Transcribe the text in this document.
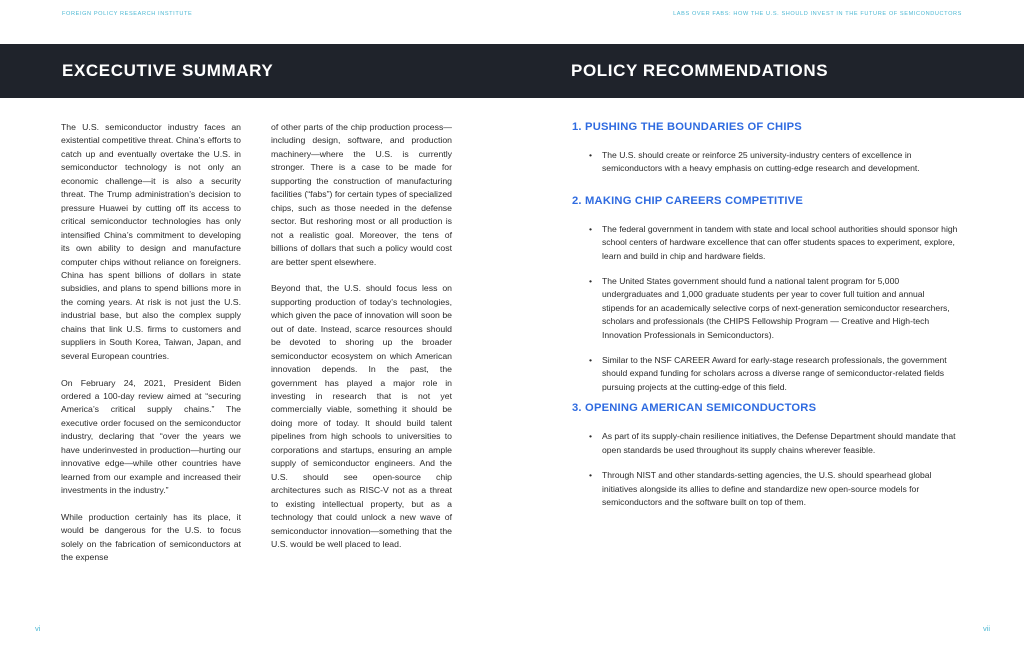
FOREIGN POLICY RESEARCH INSTITUTE	LABS OVER FABS: HOW THE U.S. SHOULD INVEST IN THE FUTURE OF SEMICONDUCTORS
EXCECUTIVE SUMMARY	POLICY RECOMMENDATIONS

The U.S. semiconductor industry faces an existential competitive threat. China’s efforts to catch up and eventually overtake the U.S. in semiconductor technology is not only an economic challenge—it is also a security threat. The Trump administration’s decision to pressure Huawei by cutting off its access to critical semiconductor technologies has only intensified China’s commitment to developing its own ability to design and manufacture computer chips without reliance on foreigners. China has spent billions of dollars in state subsidies, and plans to spend billions more in the coming years. At risk is not just the U.S. industrial base, but also the complex supply chains that link U.S. firms to customers and suppliers in South Korea, Taiwan, Japan, and several European countries.

On February 24, 2021, President Biden ordered a 100-day review aimed at “securing America’s critical supply chains.” The executive order focused on the semiconductor industry, declaring that “over the years we have underinvested in production—hurting our innovative edge—while other countries have learned from our example and increased their investments in the industry.”

While production certainly has its place, it would be dangerous for the U.S. to focus solely on the fabrication of semiconductors at the expense

of other parts of the chip production process—including design, software, and production machinery—where the U.S. is currently stronger. There is a case to be made for supporting the construction of manufacturing facilities (“fabs”) for certain types of specialized chips, such as those needed in the defense sector. But reshoring most or all production is not a realistic goal. Moreover, the tens of billions of dollars that such a policy would cost are better spent elsewhere.

Beyond that, the U.S. should focus less on supporting production of today’s technologies, which given the pace of innovation will soon be out of date. Instead, scarce resources should be devoted to shoring up the broader semiconductor ecosystem on which American innovation depends. In the past, the government has played a major role in investing in research that is not yet commercially viable, something it should be doing more of today. It should build talent pipelines from high schools to universities to corporations and startups, ensuring an ample supply of semiconductor engineers. And the U.S. should see open-source chip architectures such as RISC-V not as a threat to existing intellectual property, but as a technology that could unlock a new wave of semiconductor innovation—something that the U.S. would be well placed to lead.

1. PUSHING THE BOUNDARIES OF CHIPS
• The U.S. should create or reinforce 25 university-industry centers of excellence in semiconductors with a heavy emphasis on cutting-edge research and development.
2. MAKING CHIP CAREERS COMPETITIVE
• The federal government in tandem with state and local school authorities should sponsor high school centers of hardware excellence that can offer students spaces to experiment, explore, learn and build in chip and hardware fields.
• The United States government should fund a national talent program for 5,000 undergraduates and 1,000 graduate students per year to cover full tuition and annual stipends for an academically selective corps of next-generation semiconductor researchers, scholars and professionals (the CHIPS Fellowship Program — Creative and High-tech Innovation Professionals in Semiconductors).
• Similar to the NSF CAREER Award for early-stage research professionals, the government should expand funding for scholars across a diverse range of semiconductor-related fields pursuing projects at the cutting-edge of this field.
3. OPENING AMERICAN SEMICONDUCTORS
• As part of its supply-chain resilience initiatives, the Defense Department should mandate that open standards be used throughout its supply chains wherever feasible.
• Through NIST and other standards-setting agencies, the U.S. should spearhead global initiatives alongside its allies to define and standardize new open-source models for semiconductors and the software built on top of them.
vi	vii
